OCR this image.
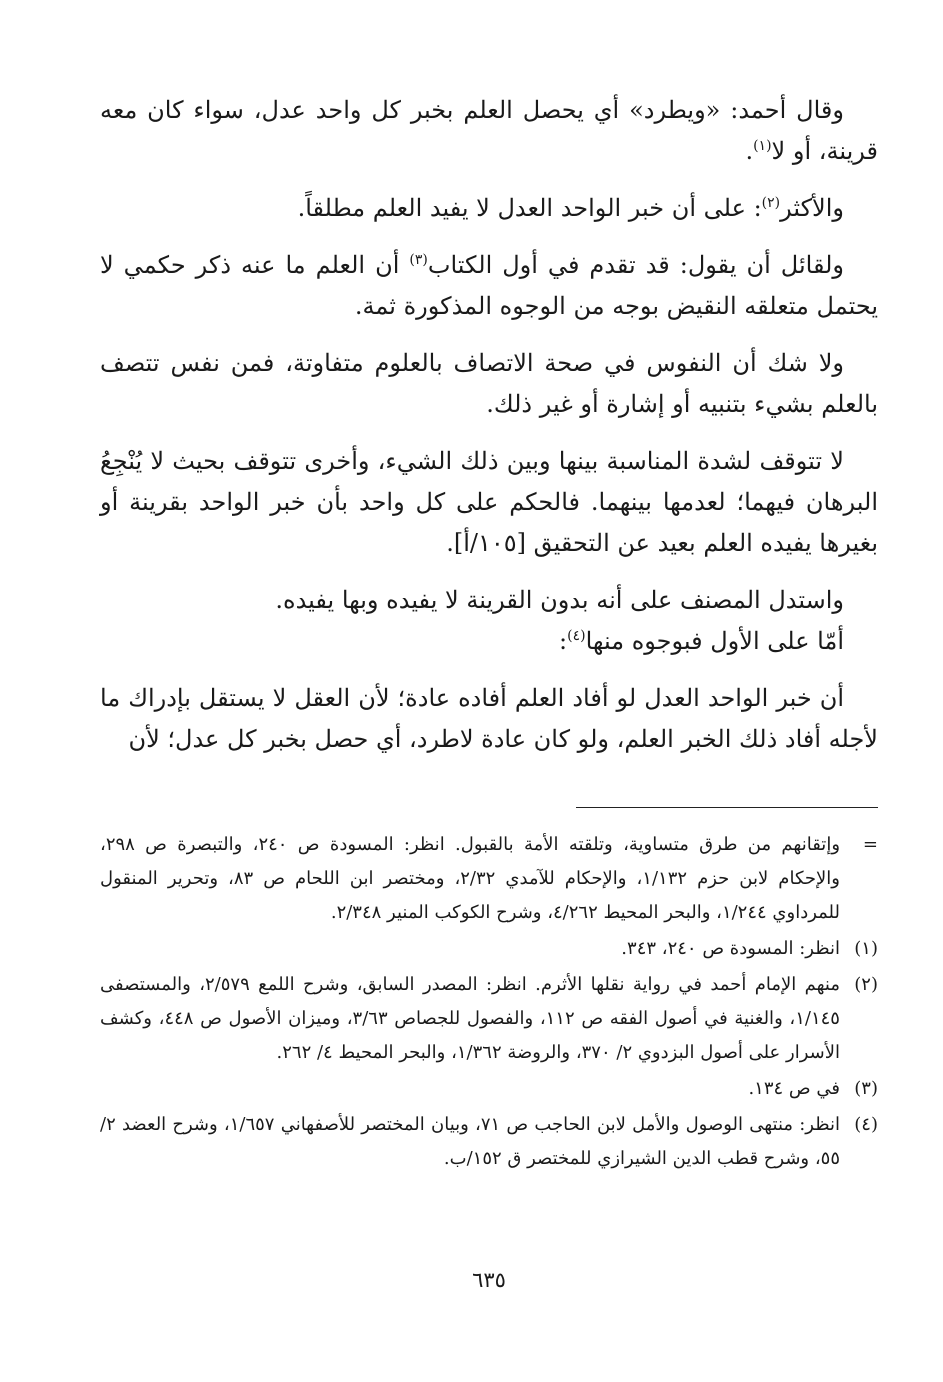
وقال أحمد: «ويطرد» أي يحصل العلم بخبر كل واحد عدل، سواء كان معه قرينة، أو لا$^{(١)}$.

والأكثر$^{(٢)}$: على أن خبر الواحد العدل لا يفيد العلم مطلقاً.

ولقائل أن يقول: قد تقدم في أول الكتاب$^{(٣)}$ أن العلم ما عنه ذكر حكمي لا يحتمل متعلقه النقيض بوجه من الوجوه المذكورة ثمة.

ولا شك أن النفوس في صحة الاتصاف بالعلوم متفاوتة، فمن نفس تتصف بالعلم بشيء بتنبيه أو إشارة أو غير ذلك.

لا تتوقف لشدة المناسبة بينها وبين ذلك الشيء، وأخرى تتوقف بحيث لا يُنْجِعُ البرهان فيهما؛ لعدمها بينهما. فالحكم على كل واحد بأن خبر الواحد بقرينة أو بغيرها يفيده العلم بعيد عن التحقيق [١٠٥/أ].

واستدل المصنف على أنه بدون القرينة لا يفيده وبها يفيده.

أمّا على الأول فبوجوه منها$^{(٤)}$:

أن خبر الواحد العدل لو أفاد العلم أفاده عادة؛ لأن العقل لا يستقل بإدراك ما لأجله أفاد ذلك الخبر العلم، ولو كان عادة لاطرد، أي حصل بخبر كل عدل؛ لأن

=
وإتقانهم من طرق متساوية، وتلقته الأمة بالقبول. انظر: المسودة ص ٢٤٠، والتبصرة ص ٢٩٨، والإحكام لابن حزم ١/١٣٢، والإحكام للآمدي ٢/٣٢، ومختصر ابن اللحام ص ٨٣، وتحرير المنقول للمرداوي ١/٢٤٤، والبحر المحيط ٤/٢٦٢، وشرح الكوكب المنير ٢/٣٤٨.
(١)
انظر: المسودة ص ٢٤٠، ٣٤٣.
(٢)
منهم الإمام أحمد في رواية نقلها الأثرم. انظر: المصدر السابق، وشرح اللمع ٢/٥٧٩، والمستصفى ١/١٤٥، والغنية في أصول الفقه ص ١١٢، والفصول للجصاص ٣/٦٣، وميزان الأصول ص ٤٤٨، وكشف الأسرار على أصول البزدوي ٢/ ٣٧٠، والروضة ١/٣٦٢، والبحر المحيط ٤/ ٢٦٢.
(٣)
في ص ١٣٤.
(٤)
انظر: منتهى الوصول والأمل لابن الحاجب ص ٧١، وبيان المختصر للأصفهاني ١/٦٥٧، وشرح العضد ٢/ ٥٥، وشرح قطب الدين الشيرازي للمختصر ق ١٥٢/ب.
٦٣٥
